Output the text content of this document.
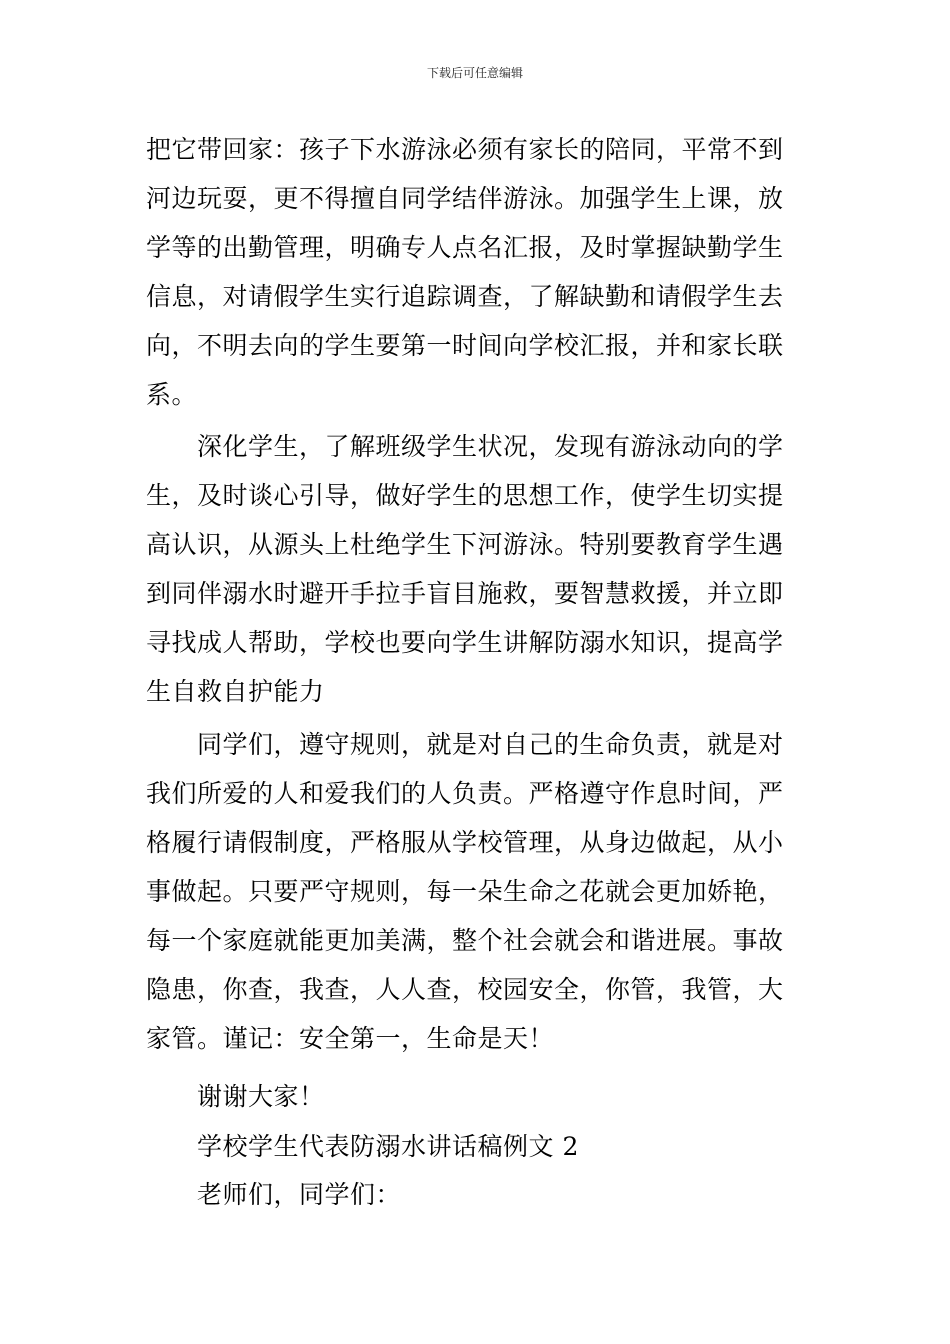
下载后可任意编辑
把它带回家：孩子下水游泳必须有家长的陪同，平常不到
河边玩耍，更不得擅自同学结伴游泳。加强学生上课，放
学等的出勤管理，明确专人点名汇报，及时掌握缺勤学生
信息，对请假学生实行追踪调查，了解缺勤和请假学生去
向，不明去向的学生要第一时间向学校汇报，并和家长联
系。
深化学生，了解班级学生状况，发现有游泳动向的学
生，及时谈心引导，做好学生的思想工作，使学生切实提
高认识，从源头上杜绝学生下河游泳。特别要教育学生遇
到同伴溺水时避开手拉手盲目施救，要智慧救援，并立即
寻找成人帮助，学校也要向学生讲解防溺水知识，提高学
生自救自护能力
同学们，遵守规则，就是对自己的生命负责，就是对
我们所爱的人和爱我们的人负责。严格遵守作息时间，严
格履行请假制度，严格服从学校管理，从身边做起，从小
事做起。只要严守规则，每一朵生命之花就会更加娇艳，
每一个家庭就能更加美满，整个社会就会和谐进展。事故
隐患，你查，我查，人人查，校园安全，你管，我管，大
家管。谨记：安全第一，生命是天！
谢谢大家！
学校学生代表防溺水讲话稿例文 2
老师们，同学们：
